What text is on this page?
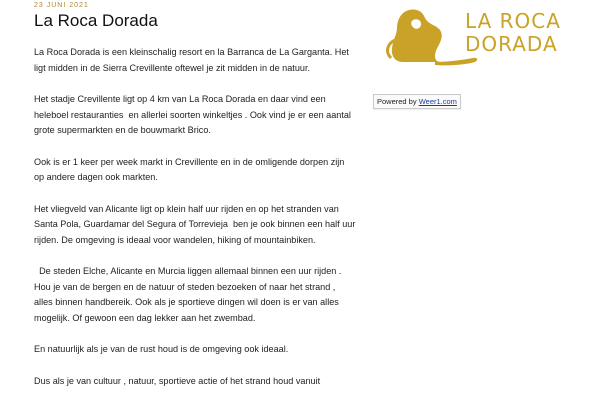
23 JUNI 2021
La Roca Dorada

La Roca Dorada is een kleinschalig resort en la Barranca de La Garganta. Het ligt midden in de Sierra Crevillente oftewel je zit midden in de natuur.

Het stadje Crevillente ligt op 4 km van La Roca Dorada en daar vind een heleboel restauranties  en allerlei soorten winkeltjes . Ook vind je er een aantal grote supermarkten en de bouwmarkt Brico.

Ook is er 1 keer per week markt in Crevillente en in de omligende dorpen zijn op andere dagen ook markten.

Het vliegveld van Alicante ligt op klein half uur rijden en op het stranden van Santa Pola, Guardamar del Segura of Torrevieja  ben je ook binnen een half uur rijden. De omgeving is ideaal voor wandelen, hiking of mountainbiken.

De steden Elche, Alicante en Murcia liggen allemaal binnen een uur rijden . Hou je van de bergen en de natuur of steden bezoeken of naar het strand , alles binnen handbereik. Ook als je sportieve dingen wil doen is er van alles mogelijk. Of gewoon een dag lekker aan het zwembad.

En natuurlijk als je van de rust houd is de omgeving ook ideaal.

Dus als je van cultuur , natuur, sportieve actie of het strand houd vanuit

LA ROCA
DORADA
Powered by Weer1.com
